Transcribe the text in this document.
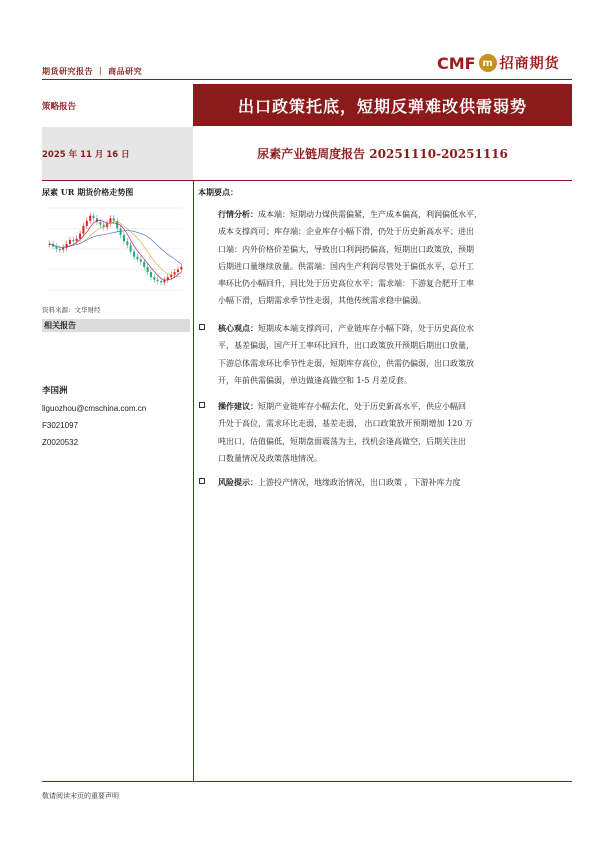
期货研究报告 ｜ 商品研究	CMF m 招商期货
策略报告	出口政策托底，短期反弹难改供需弱势
2025 年 11 月 16 日	尿素产业链周度报告 20251110-20251116
尿素 UR 期货价格走势图
资料来源：文华财经
相关报告
李国洲
liguozhou@cmschina.com.cn
F3021097
Z0020532
本期要点：
行情分析：成本端：短期动力煤供需偏紧，生产成本偏高，利润偏低水平，
成本支撑尚可；库存端：企业库存小幅下滑，仍处于历史新高水平；进出
口端：内外价格价差偏大，导致出口利润扔偏高，短期出口政策放，预期
后期进口量继续放量。供需端：国内生产利润尽管处于偏低水平，总开工
率环比仍小幅回升，同比处于历史高位水平；需求端：下游复合肥开工率
小幅下滑，后期需求季节性走弱，其他传统需求稳中偏弱。
核心观点：短期成本端支撑尚可，产业链库存小幅下降，处于历史高位水
平，基差偏弱，国产开工率环比回升，出口政策放开预期后期出口放量，
下游总体需求环比季节性走弱，短期库存高位，供需仍偏弱，出口政策放
开，年前供需偏弱，单边做逢高做空和 1-5 月差反套。
操作建议：短期产业链库存小幅去化，处于历史新高水平，供应小幅回
升处于高位，需求环比走弱，基差走弱， 出口政策放开预期增加 120 万
吨出口，估值偏低，短期盘面震荡为主，找机会逢高做空，后期关注出
口数量情况及政策落地情况。
风险提示：上游投产情况，地缘政治情况，出口政策 ，下游补库力度
敬请阅读末页的重要声明
